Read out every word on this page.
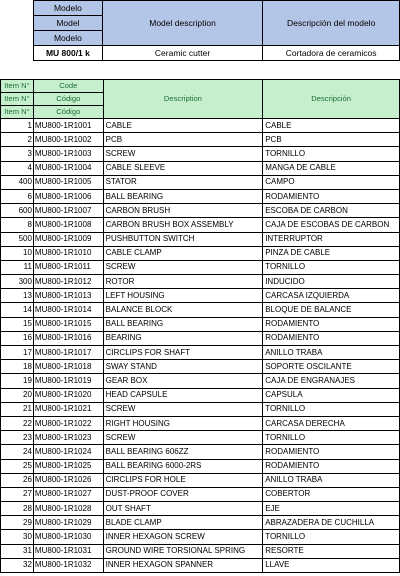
Modelo	Model description	Descripción del modelo
Model		
Modelo		
MU 800/1 k	Ceramic cutter	Cortadora de ceramicos
Item N°	Code	Description	Descripción
Item N°	Código		
Item N°	Código		
1	MU800-1R1001	CABLE	CABLE
2	MU800-1R1002	PCB	PCB
3	MU800-1R1003	SCREW	TORNILLO
4	MU800-1R1004	CABLE SLEEVE	MANGA DE CABLE
400	MU800-1R1005	STATOR	CAMPO
6	MU800-1R1006	BALL BEARING	RODAMIENTO
600	MU800-1R1007	CARBON BRUSH	ESCOBA DE CARBON
8	MU800-1R1008	CARBON BRUSH BOX ASSEMBLY	CAJA DE ESCOBAS DE CARBON
500	MU800-1R1009	PUSHBUTTON SWITCH	INTERRUPTOR
10	MU800-1R1010	CABLE CLAMP	PINZA DE CABLE
11	MU800-1R1011	SCREW	TORNILLO
300	MU800-1R1012	ROTOR	INDUCIDO
13	MU800-1R1013	LEFT HOUSING	CARCASA IZQUIERDA
14	MU800-1R1014	BALANCE BLOCK	BLOQUE DE BALANCE
15	MU800-1R1015	BALL BEARING	RODAMIENTO
16	MU800-1R1016	BEARING	RODAMIENTO
17	MU800-1R1017	CIRCLIPS FOR SHAFT	ANILLO TRABA
18	MU800-1R1018	SWAY STAND	SOPORTE OSCILANTE
19	MU800-1R1019	GEAR BOX	CAJA DE ENGRANAJES
20	MU800-1R1020	HEAD CAPSULE	CAPSULA
21	MU800-1R1021	SCREW	TORNILLO
22	MU800-1R1022	RIGHT HOUSING	CARCASA DERECHA
23	MU800-1R1023	SCREW	TORNILLO
24	MU800-1R1024	BALL BEARING 606ZZ	RODAMIENTO
25	MU800-1R1025	BALL BEARING 6000-2RS	RODAMIENTO
26	MU800-1R1026	CIRCLIPS FOR HOLE	ANILLO TRABA
27	MU800-1R1027	DUST-PROOF COVER	COBERTOR
28	MU800-1R1028	OUT SHAFT	EJE
29	MU800-1R1029	BLADE CLAMP	ABRAZADERA DE CUCHILLA
30	MU800-1R1030	INNER HEXAGON SCREW	TORNILLO
31	MU800-1R1031	GROUND WIRE TORSIONAL SPRING	RESORTE
32	MU800-1R1032	INNER HEXAGON SPANNER	LLAVE
